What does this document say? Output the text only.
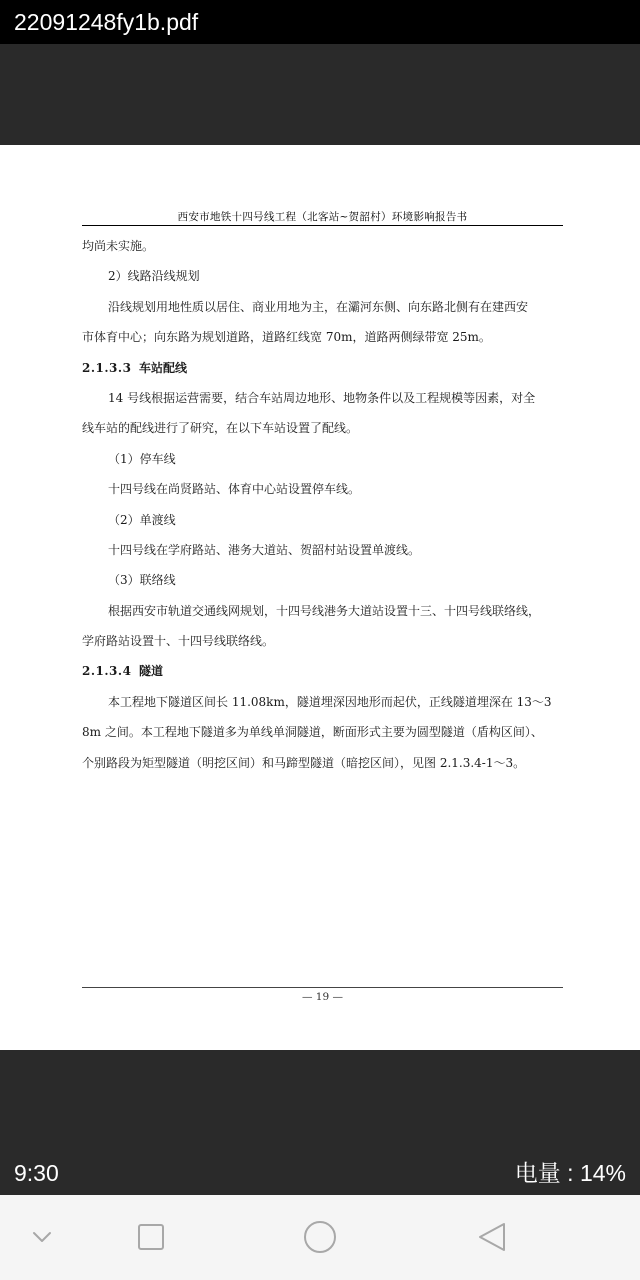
22091248fy1b.pdf
西安市地铁十四号线工程（北客站~贺韶村）环境影响报告书
均尚未实施。
2）线路沿线规划
沿线规划用地性质以居住、商业用地为主，在灞河东侧、向东路北侧有在建西安
市体育中心；向东路为规划道路，道路红线宽 70m，道路两侧绿带宽 25m。
2.1.3.3 车站配线
14 号线根据运营需要，结合车站周边地形、地物条件以及工程规模等因素，对全
线车站的配线进行了研究，在以下车站设置了配线。
（1）停车线
十四号线在尚贤路站、体育中心站设置停车线。
（2）单渡线
十四号线在学府路站、港务大道站、贺韶村站设置单渡线。
（3）联络线
根据西安市轨道交通线网规划，十四号线港务大道站设置十三、十四号线联络线，
学府路站设置十、十四号线联络线。
2.1.3.4 隧道
本工程地下隧道区间长 11.08km，隧道埋深因地形而起伏，正线隧道埋深在 13～3
8m 之间。本工程地下隧道多为单线单洞隧道，断面形式主要为圆型隧道（盾构区间）、
个别路段为矩型隧道（明挖区间）和马蹄型隧道（暗挖区间），见图 2.1.3.4-1～3。
— 19 —
9:30	电量 : 14%
